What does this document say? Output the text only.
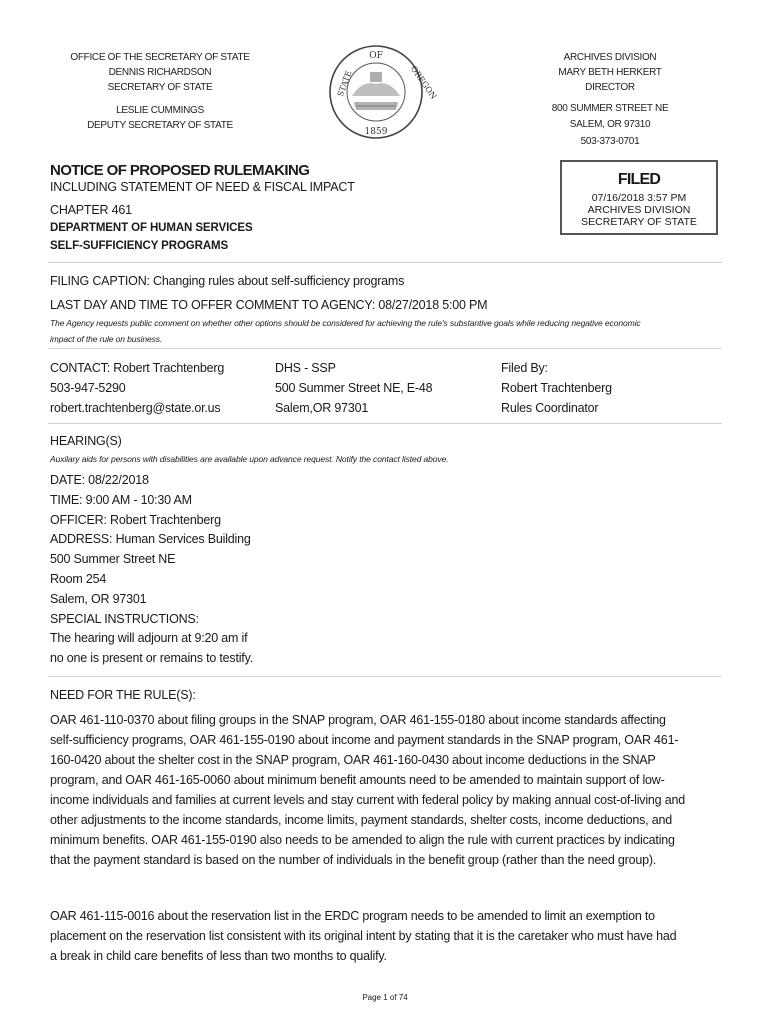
OFFICE OF THE SECRETARY OF STATE
DENNIS RICHARDSON
SECRETARY OF STATE
LESLIE CUMMINGS
DEPUTY SECRETARY OF STATE
OF
STATE	OREGON
1859
ARCHIVES DIVISION
MARY BETH HERKERT
DIRECTOR
800 SUMMER STREET NE
SALEM, OR 97310
503-373-0701
NOTICE OF PROPOSED RULEMAKING
INCLUDING STATEMENT OF NEED & FISCAL IMPACT
CHAPTER 461
DEPARTMENT OF HUMAN SERVICES
SELF-SUFFICIENCY PROGRAMS
FILED
07/16/2018 3:57 PM
ARCHIVES DIVISION
SECRETARY OF STATE
FILING CAPTION: Changing rules about self-sufficiency programs
LAST DAY AND TIME TO OFFER COMMENT TO AGENCY: 08/27/2018 5:00 PM
The Agency requests public comment on whether other options should be considered for achieving the rule's substantive goals while reducing negative economic
impact of the rule on business.
CONTACT: Robert Trachtenberg
503-947-5290
robert.trachtenberg@state.or.us
DHS - SSP
500 Summer Street NE, E-48
Salem,OR 97301
Filed By:
Robert Trachtenberg
Rules Coordinator
HEARING(S)
Auxilary aids for persons with disabilities are available upon advance request. Notify the contact listed above.
DATE: 08/22/2018
TIME: 9:00 AM - 10:30 AM
OFFICER: Robert Trachtenberg
ADDRESS: Human Services Building
500 Summer Street NE
Room 254
Salem, OR 97301
SPECIAL INSTRUCTIONS:
The hearing will adjourn at 9:20 am if
no one is present or remains to testify.
NEED FOR THE RULE(S):
OAR 461-110-0370 about filing groups in the SNAP program, OAR 461-155-0180 about income standards affecting
self-sufficiency programs, OAR 461-155-0190 about income and payment standards in the SNAP program, OAR 461-
160-0420 about the shelter cost in the SNAP program, OAR 461-160-0430 about income deductions in the SNAP
program, and OAR 461-165-0060 about minimum benefit amounts need to be amended to maintain support of low-
income individuals and families at current levels and stay current with federal policy by making annual cost-of-living and
other adjustments to the income standards, income limits, payment standards, shelter costs, income deductions, and
minimum benefits. OAR 461-155-0190 also needs to be amended to align the rule with current practices by indicating
that the payment standard is based on the number of individuals in the benefit group (rather than the need group).
OAR 461-115-0016 about the reservation list in the ERDC program needs to be amended to limit an exemption to
placement on the reservation list consistent with its original intent by stating that it is the caretaker who must have had
a break in child care benefits of less than two months to qualify.
Page 1 of 74
